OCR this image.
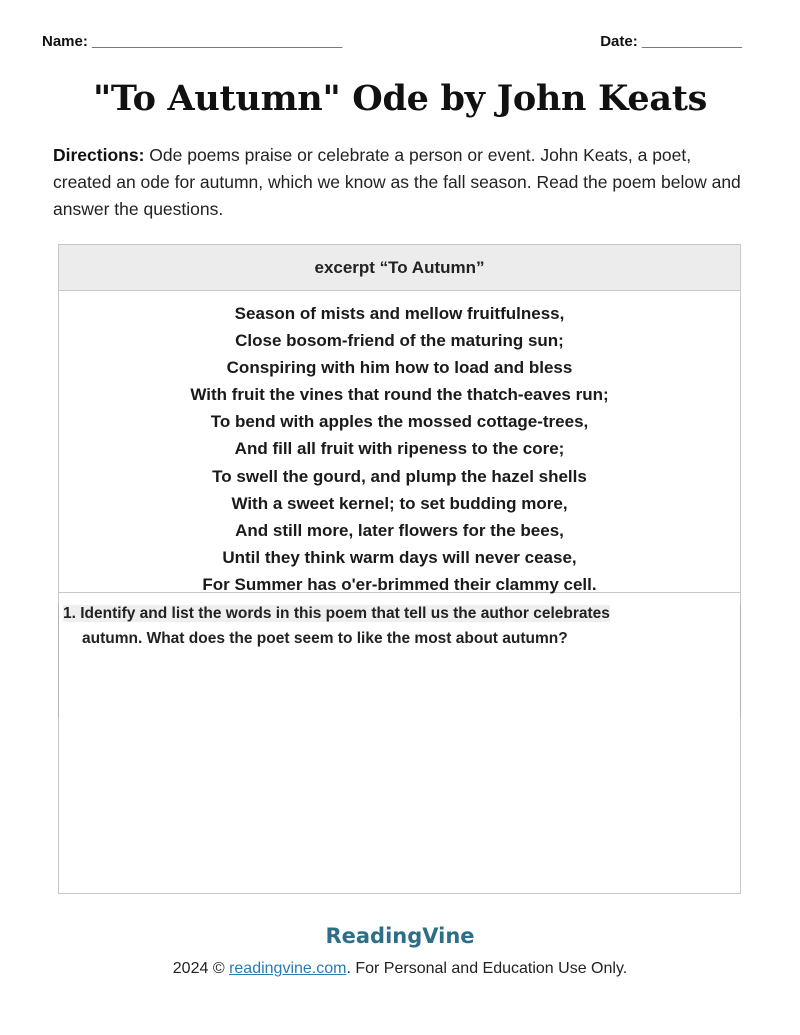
Name: ______________________________	Date: ____________
"To Autumn" Ode by John Keats
Directions: Ode poems praise or celebrate a person or event. John Keats, a poet, created an ode for autumn, which we know as the fall season. Read the poem below and answer the questions.
excerpt “To Autumn”
Season of mists and mellow fruitfulness,
Close bosom-friend of the maturing sun;
Conspiring with him how to load and bless
With fruit the vines that round the thatch-eaves run;
To bend with apples the mossed cottage-trees,
And fill all fruit with ripeness to the core;
To swell the gourd, and plump the hazel shells
With a sweet kernel; to set budding more,
And still more, later flowers for the bees,
Until they think warm days will never cease,
For Summer has o'er-brimmed their clammy cell.
1. Identify and list the words in this poem that tell us the author celebrates
autumn. What does the poet seem to like the most about autumn?
ReadingVine
2024 © readingvine.com. For Personal and Education Use Only.
